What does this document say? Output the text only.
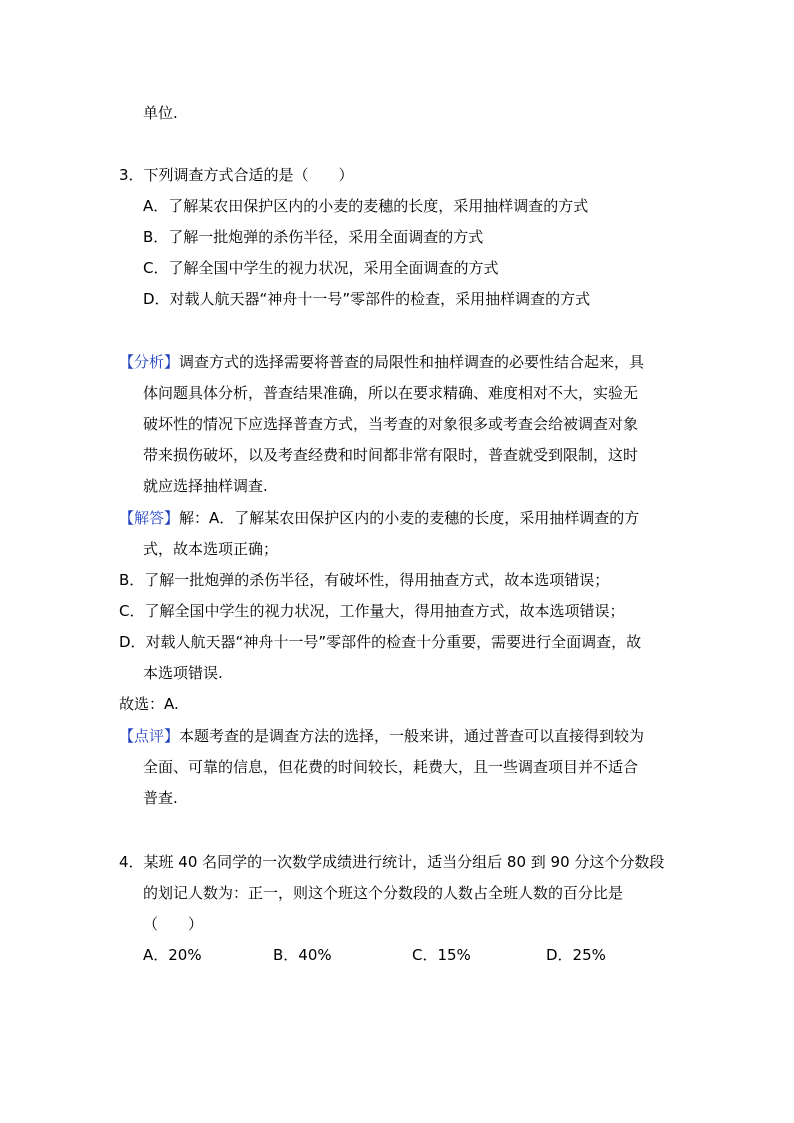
单位.
3．下列调查方式合适的是（　　）
A．了解某农田保护区内的小麦的麦穗的长度，采用抽样调查的方式
B．了解一批炮弹的杀伤半径，采用全面调查的方式
C．了解全国中学生的视力状况，采用全面调查的方式
D．对载人航天器“神舟十一号”零部件的检查，采用抽样调查的方式
【分析】调查方式的选择需要将普查的局限性和抽样调查的必要性结合起来，具
体问题具体分析，普查结果准确，所以在要求精确、难度相对不大，实验无
破坏性的情况下应选择普查方式，当考查的对象很多或考查会给被调查对象
带来损伤破坏，以及考查经费和时间都非常有限时，普查就受到限制，这时
就应选择抽样调查.
【解答】解：A．了解某农田保护区内的小麦的麦穗的长度，采用抽样调查的方
式，故本选项正确；
B．了解一批炮弹的杀伤半径，有破坏性，得用抽查方式，故本选项错误；
C．了解全国中学生的视力状况，工作量大，得用抽查方式，故本选项错误；
D．对载人航天器“神舟十一号”零部件的检查十分重要，需要进行全面调查，故
本选项错误.
故选：A.
【点评】本题考查的是调查方法的选择，一般来讲，通过普查可以直接得到较为
全面、可靠的信息，但花费的时间较长，耗费大，且一些调查项目并不适合
普查.
4．某班 40 名同学的一次数学成绩进行统计，适当分组后 80 到 90 分这个分数段
的划记人数为：正一，则这个班这个分数段的人数占全班人数的百分比是
（　　）
A．20%	B．40%	C．15%	D．25%
